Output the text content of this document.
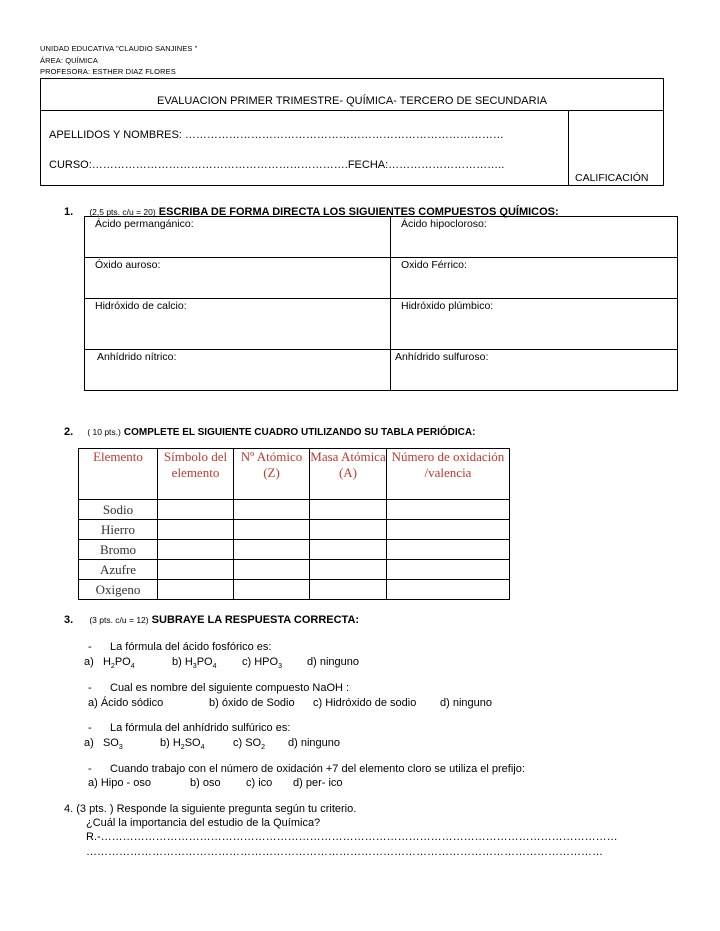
UNIDAD EDUCATIVA "CLAUDIO SANJINES "
ÁREA: QUÍMICA
PROFESORA: ESTHER DIAZ FLORES
EVALUACION PRIMER TRIMESTRE- QUÍMICA- TERCERO DE SECUNDARIA
APELLIDOS Y NOMBRES: ……………………………………………………………………………
CURSO:…………………………………………………………….FECHA:…………………………..
CALIFICACIÓN
1. (2,5 pts. c/u = 20) ESCRIBA DE FORMA DIRECTA LOS SIGUIENTES COMPUESTOS QUÍMICOS:
Ácido permangánico:	Ácido hipocloroso:
Óxido auroso:	Oxido Férrico:
Hidróxido de calcio:	Hidróxido plúmbico:
Anhídrido nítrico:	Anhídrido sulfuroso:
2. ( 10 pts.) COMPLETE EL SIGUIENTE CUADRO UTILIZANDO SU TABLA PERIÓDICA:
Elemento	Símbolo del elemento	Nº Atómico (Z)	Masa Atómica (A)	Número de oxidación /valencia
Sodio				
Hierro				
Bromo				
Azufre				
Oxigeno				
3. (3 pts. c/u = 12) SUBRAYE LA RESPUESTA CORRECTA:
-      La fórmula del ácido fosfórico es:
a)   $H_2PO_4$	b) $H_3PO_4$ c) $HPO_3$ d) ninguno
-      Cual es nombre del siguiente compuesto NaOH :
a) Ácido sódico	b) óxido de Sodio c) Hidróxido de sodio d) ninguno
-      La fórmula del anhídrido sulfúrico es:
a)   $SO_3$	b) $H_2SO_4$	c) $SO_2$ d) ninguno
-      Cuando trabajo con el número de oxidación +7 del elemento cloro se utiliza el prefijo:
a) Hipo - oso	b) oso c) ico d) per- ico
4. (3 pts. ) Responde la siguiente pregunta según tu criterio.
¿Cuál la importancia del estudio de la Química?
R.-……………………………………………………………………………………………………………………………
……………………………………………………………………………………………………………………………
